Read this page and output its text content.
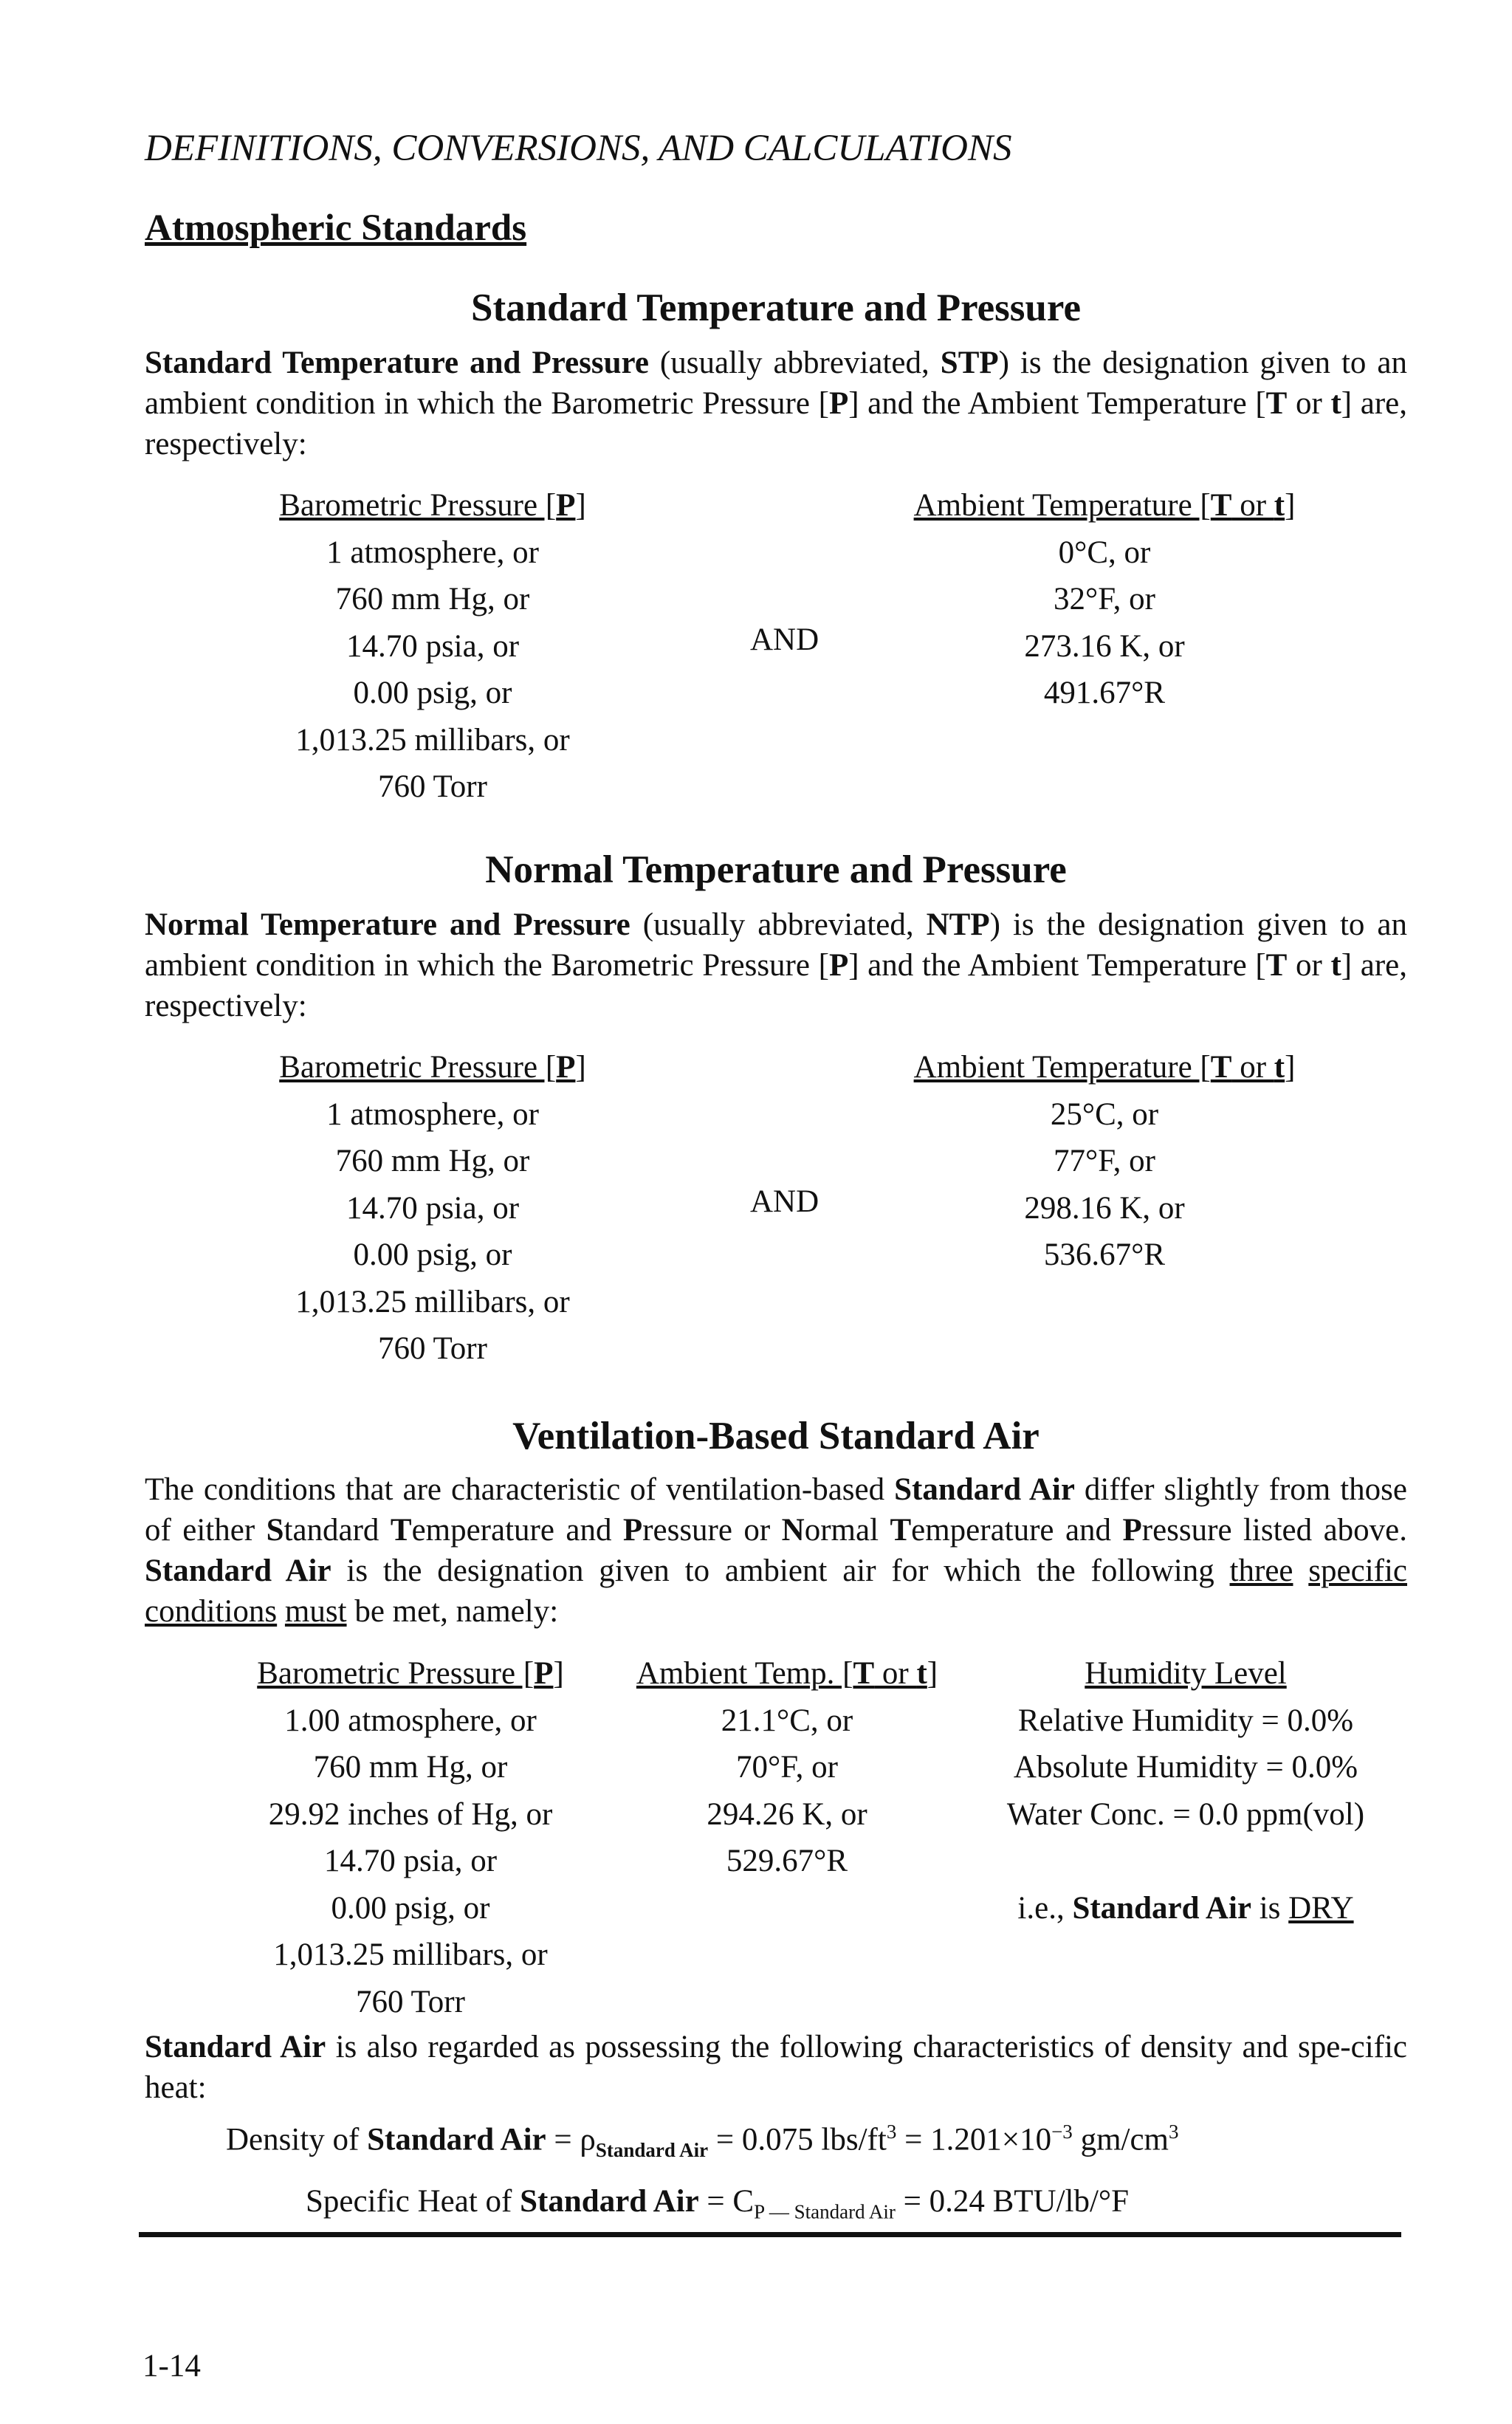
DEFINITIONS, CONVERSIONS, AND CALCULATIONS
Atmospheric Standards
Standard Temperature and Pressure
Standard Temperature and Pressure (usually abbreviated, STP) is the designation given to an ambient condition in which the Barometric Pressure [P] and the Ambient Temperature [T or t] are, respectively:
Barometric Pressure [P]
1 atmosphere, or
760 mm Hg, or
14.70 psia, or
0.00 psig, or
1,013.25 millibars, or
760 Torr
AND
Ambient Temperature [T or t]
0°C, or
32°F, or
273.16 K, or
491.67°R
Normal Temperature and Pressure
Normal Temperature and Pressure (usually abbreviated, NTP) is the designation given to an ambient condition in which the Barometric Pressure [P] and the Ambient Temperature [T or t] are, respectively:
Barometric Pressure [P]
1 atmosphere, or
760 mm Hg, or
14.70 psia, or
0.00 psig, or
1,013.25 millibars, or
760 Torr
AND
Ambient Temperature [T or t]
25°C, or
77°F, or
298.16 K, or
536.67°R
Ventilation-Based Standard Air
The conditions that are characteristic of ventilation-based Standard Air differ slightly from those of either Standard Temperature and Pressure or Normal Temperature and Pressure listed above. Standard Air is the designation given to ambient air for which the following three specific conditions must be met, namely:
Barometric Pressure [P]
1.00 atmosphere, or
760 mm Hg, or
29.92 inches of Hg, or
14.70 psia, or
0.00 psig, or
1,013.25 millibars, or
760 Torr
Ambient Temp. [T or t]
21.1°C, or
70°F, or
294.26 K, or
529.67°R
Humidity Level
Relative Humidity = 0.0%
Absolute Humidity = 0.0%
Water Conc. = 0.0 ppm(vol)

i.e., Standard Air is DRY
Standard Air is also regarded as possessing the following characteristics of density and spe-cific heat:
Density of Standard Air = $\rho_{Standard Air} = 0.075$ lbs/$ft^3 = 1.201\times 10^{-3}$ $gm/cm^3$
Specific Heat of Standard Air = $C_{P — Standard Air} = 0.24$ BTU/lb/°F
1-14
